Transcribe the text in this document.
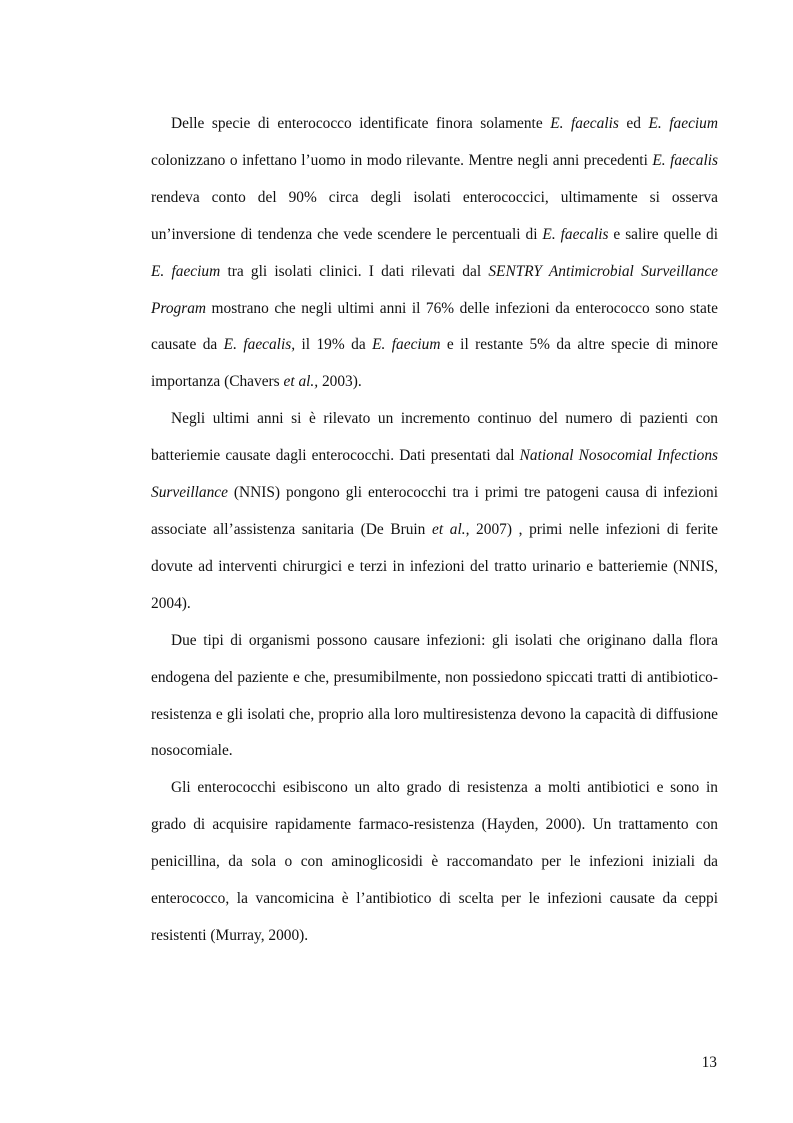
Delle specie di enterococco identificate finora solamente E. faecalis ed E. faecium colonizzano o infettano l’uomo in modo rilevante. Mentre negli anni precedenti E. faecalis rendeva conto del 90% circa degli isolati enterococcici, ultimamente si osserva un’inversione di tendenza che vede scendere le percentuali di E. faecalis e salire quelle di E. faecium tra gli isolati clinici. I dati rilevati dal SENTRY Antimicrobial Surveillance Program mostrano che negli ultimi anni il 76% delle infezioni da enterococco sono state causate da E. faecalis, il 19% da E. faecium e il restante 5% da altre specie di minore importanza (Chavers et al., 2003).

Negli ultimi anni si è rilevato un incremento continuo del numero di pazienti con batteriemie causate dagli enterococchi. Dati presentati dal National Nosocomial Infections Surveillance (NNIS) pongono gli enterococchi tra i primi tre patogeni causa di infezioni associate all’assistenza sanitaria (De Bruin et al., 2007) , primi nelle infezioni di ferite dovute ad interventi chirurgici e terzi in infezioni del tratto urinario e batteriemie (NNIS, 2004).

Due tipi di organismi possono causare infezioni: gli isolati che originano dalla flora endogena del paziente e che, presumibilmente, non possiedono spiccati tratti di antibiotico-resistenza e gli isolati che, proprio alla loro multiresistenza devono la capacità di diffusione nosocomiale.

Gli enterococchi esibiscono un alto grado di resistenza a molti antibiotici e sono in grado di acquisire rapidamente farmaco-resistenza (Hayden, 2000). Un trattamento con penicillina, da sola o con aminoglicosidi è raccomandato per le infezioni iniziali da enterococco, la vancomicina è l’antibiotico di scelta per le infezioni causate da ceppi resistenti (Murray, 2000).

13
